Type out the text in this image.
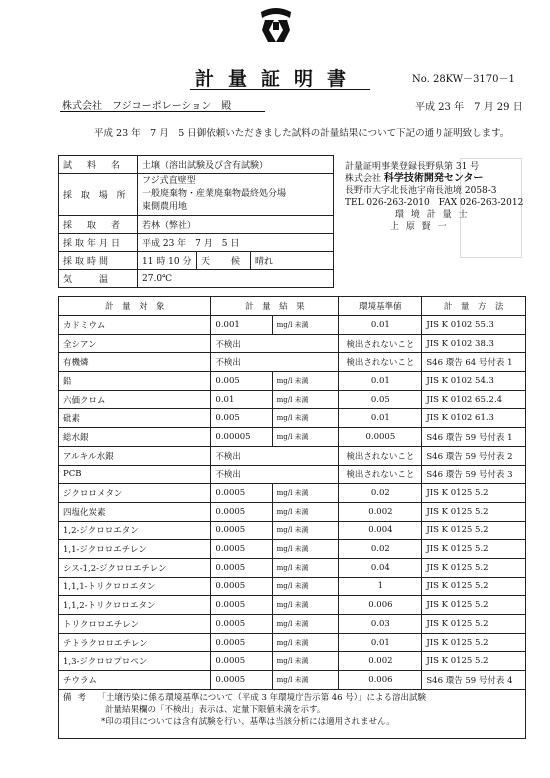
計量証明書	No. 28KW－3170－1
株式会社　フジコーポレーション　殿	平成 23 年　7 月 29 日
平成 23 年　7 月　5 日御依頼いただきました試料の計量結果について下記の通り証明致します。
試　料　名	土壌（溶出試験及び含有試験）		
採 取 場 所	フジ式直壁型
一般廃棄物・産業廃棄物最終処分場
東側農用地		

採　取　者	若林（弊社）		
採取年月日	平成 23 年　7 月　5 日		
採取時間	11 時 10 分	天　候	晴れ
気　　温	27.0℃		
計量証明事業登録長野県第 31 号
株式会社 科学技術開発センター
長野市大字北長池宇南長池境 2058-3
TEL 026-263-2010　FAX 026-263-2012
環 境 計 量 士
上 原 賢 一
計　量　対　象	計　量　結　果		環境基準値	計　量　方　法
カドミウム	0.001	mg/l 未満	0.01	JIS K 0102 55.3
全シアン	不検出		検出されないこと	JIS K 0102 38.3
有機燐	不検出		検出されないこと	S46 環告 64 号付表 1
鉛	0.005	mg/l 未満	0.01	JIS K 0102 54.3
六価クロム	0.01	mg/l 未満	0.05	JIS K 0102 65.2.4
砒素	0.005	mg/l 未満	0.01	JIS K 0102 61.3
総水銀	0.00005	mg/l 未満	0.0005	S46 環告 59 号付表 1
アルキル水銀	不検出		検出されないこと	S46 環告 59 号付表 2
PCB	不検出		検出されないこと	S46 環告 59 号付表 3
ジクロロメタン	0.0005	mg/l 未満	0.02	JIS K 0125 5.2
四塩化炭素	0.0005	mg/l 未満	0.002	JIS K 0125 5.2
1,2-ジクロロエタン	0.0005	mg/l 未満	0.004	JIS K 0125 5.2
1,1-ジクロロエチレン	0.0005	mg/l 未満	0.02	JIS K 0125 5.2
シス-1,2-ジクロロエチレン	0.0005	mg/l 未満	0.04	JIS K 0125 5.2
1,1,1-トリクロロエタン	0.0005	mg/l 未満	1	JIS K 0125 5.2
1,1,2-トリクロロエタン	0.0005	mg/l 未満	0.006	JIS K 0125 5.2
トリクロロエチレン	0.0005	mg/l 未満	0.03	JIS K 0125 5.2
テトラクロロエチレン	0.0005	mg/l 未満	0.01	JIS K 0125 5.2
1,3-ジクロロプロペン	0.0005	mg/l 未満	0.002	JIS K 0125 5.2
チウラム	0.0005	mg/l 未満	0.006	S46 環告 59 号付表 4
備考 「土壌汚染に係る環境基準について（平成 3 年環境庁告示第 46 号）」による溶出試験
計量結果欄の「不検出」表示は、定量下限値未満を示す。
*印の項目については含有試験を行い、基準は当該分析には適用されません。				
